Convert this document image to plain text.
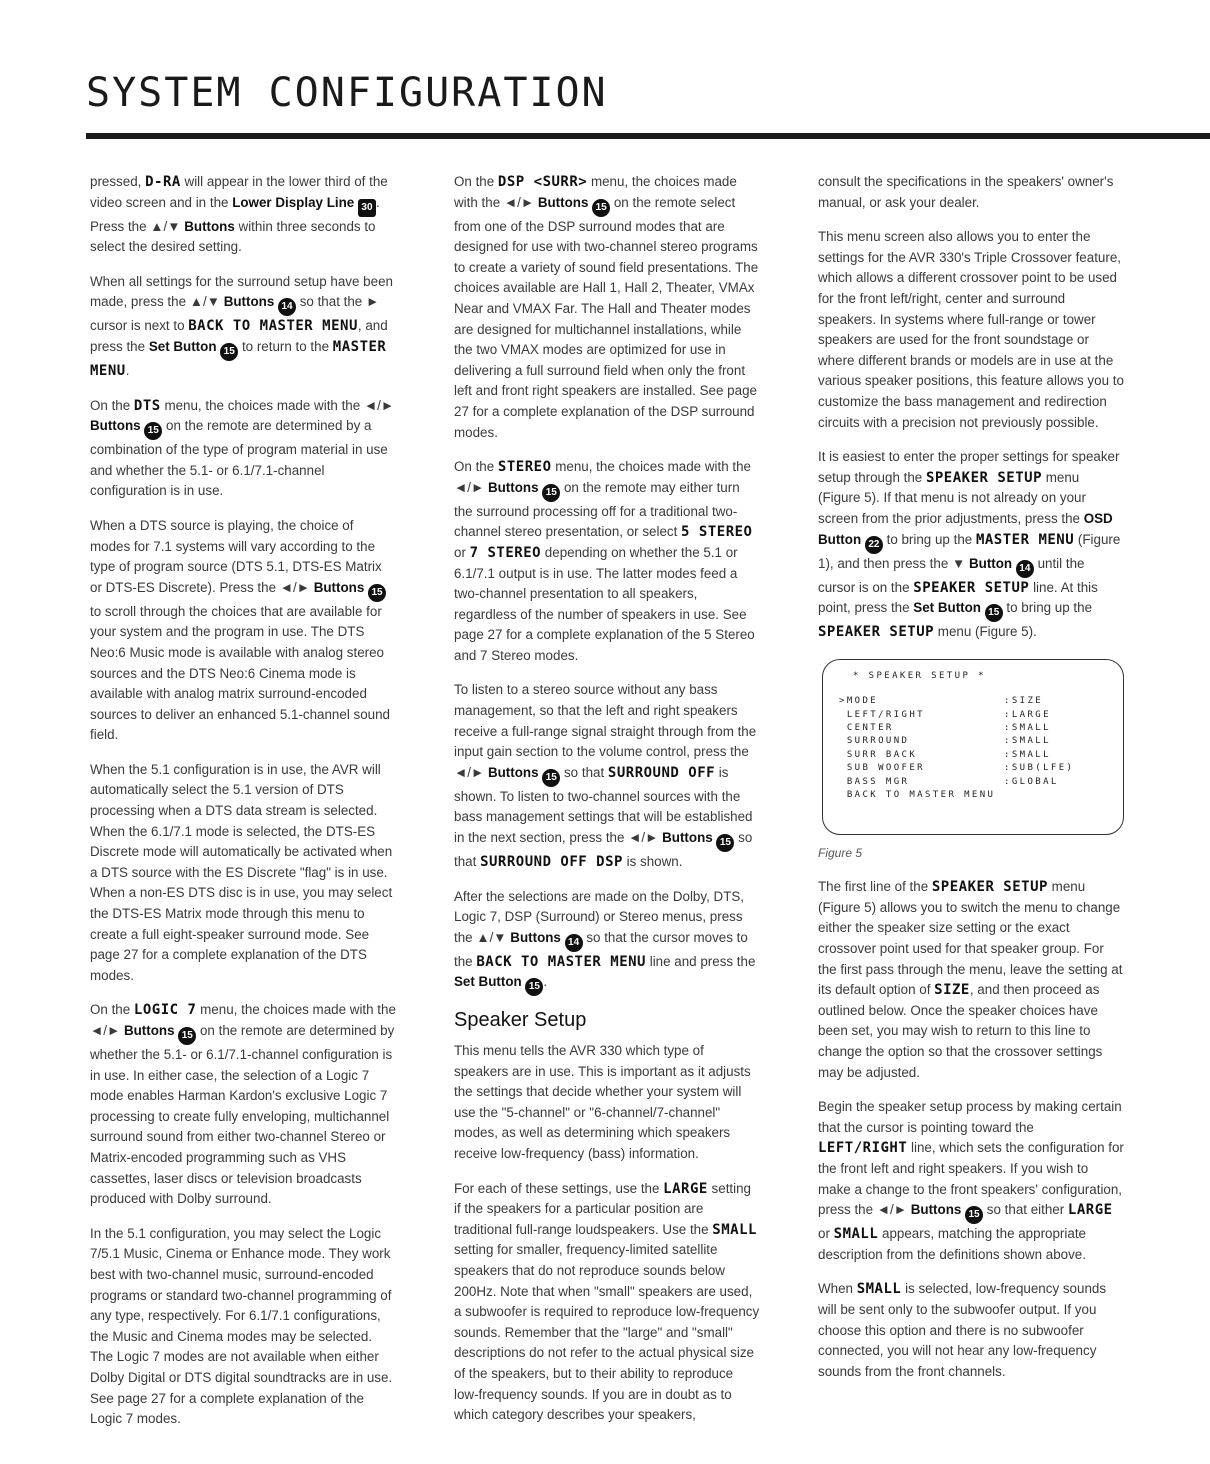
SYSTEM CONFIGURATION

pressed, D-RA will appear in the lower third of the video screen and in the Lower Display Line 30 . Press the ▲/▼ Buttons within three seconds to select the desired setting.

When all settings for the surround setup have been made, press the ▲/▼ Buttons 14 so that the ► cursor is next to BACK TO MASTER MENU, and press the Set Button 15 to return to the MASTER MENU.

On the DTS menu, the choices made with the ◄/► Buttons 15 on the remote are determined by a combination of the type of program material in use and whether the 5.1- or 6.1/7.1-channel configuration is in use.

When a DTS source is playing, the choice of modes for 7.1 systems will vary according to the type of program source (DTS 5.1, DTS-ES Matrix or DTS-ES Discrete). Press the ◄/► Buttons 15 to scroll through the choices that are available for your system and the program in use. The DTS Neo:6 Music mode is available with analog stereo sources and the DTS Neo:6 Cinema mode is available with analog matrix surround-encoded sources to deliver an enhanced 5.1-channel sound field.

When the 5.1 configuration is in use, the AVR will automatically select the 5.1 version of DTS processing when a DTS data stream is selected. When the 6.1/7.1 mode is selected, the DTS-ES Discrete mode will automatically be activated when a DTS source with the ES Discrete "flag" is in use. When a non-ES DTS disc is in use, you may select the DTS-ES Matrix mode through this menu to create a full eight-speaker surround mode. See page 27 for a complete explanation of the DTS modes.

On the LOGIC 7 menu, the choices made with the ◄/► Buttons 15 on the remote are determined by whether the 5.1- or 6.1/7.1-channel configuration is in use. In either case, the selection of a Logic 7 mode enables Harman Kardon's exclusive Logic 7 processing to create fully enveloping, multichannel surround sound from either two-channel Stereo or Matrix-encoded programming such as VHS cassettes, laser discs or television broadcasts produced with Dolby surround.

In the 5.1 configuration, you may select the Logic 7/5.1 Music, Cinema or Enhance mode. They work best with two-channel music, surround-encoded programs or standard two-channel programming of any type, respectively. For 6.1/7.1 configurations, the Music and Cinema modes may be selected. The Logic 7 modes are not available when either Dolby Digital or DTS digital soundtracks are in use. See page 27 for a complete explanation of the Logic 7 modes.

On the DSP <SURR> menu, the choices made with the ◄/► Buttons 15 on the remote select from one of the DSP surround modes that are designed for use with two-channel stereo programs to create a variety of sound field presentations. The choices available are Hall 1, Hall 2, Theater, VMAx Near and VMAX Far. The Hall and Theater modes are designed for multichannel installations, while the two VMAX modes are optimized for use in delivering a full surround field when only the front left and front right speakers are installed. See page 27 for a complete explanation of the DSP surround modes.

On the STEREO menu, the choices made with the ◄/► Buttons 15 on the remote may either turn the surround processing off for a traditional two-channel stereo presentation, or select 5 STEREO or 7 STEREO depending on whether the 5.1 or 6.1/7.1 output is in use. The latter modes feed a two-channel presentation to all speakers, regardless of the number of speakers in use. See page 27 for a complete explanation of the 5 Stereo and 7 Stereo modes.

To listen to a stereo source without any bass management, so that the left and right speakers receive a full-range signal straight through from the input gain section to the volume control, press the ◄/► Buttons 15 so that SURROUND OFF is shown. To listen to two-channel sources with the bass management settings that will be established in the next section, press the ◄/► Buttons 15 so that SURROUND OFF DSP is shown.

After the selections are made on the Dolby, DTS, Logic 7, DSP (Surround) or Stereo menus, press the ▲/▼ Buttons 14 so that the cursor moves to the BACK TO MASTER MENU line and press the Set Button 15 .

Speaker Setup

This menu tells the AVR 330 which type of speakers are in use. This is important as it adjusts the settings that decide whether your system will use the "5-channel" or "6-channel/7-channel" modes, as well as determining which speakers receive low-frequency (bass) information.

For each of these settings, use the LARGE setting if the speakers for a particular position are traditional full-range loudspeakers. Use the SMALL setting for smaller, frequency-limited satellite speakers that do not reproduce sounds below 200Hz. Note that when "small" speakers are used, a subwoofer is required to reproduce low-frequency sounds. Remember that the "large" and "small" descriptions do not refer to the actual physical size of the speakers, but to their ability to reproduce low-frequency sounds. If you are in doubt as to which category describes your speakers,

consult the specifications in the speakers' owner's manual, or ask your dealer.

This menu screen also allows you to enter the settings for the AVR 330's Triple Crossover feature, which allows a different crossover point to be used for the front left/right, center and surround speakers. In systems where full-range or tower speakers are used for the front soundstage or where different brands or models are in use at the various speaker positions, this feature allows you to customize the bass management and redirection circuits with a precision not previously possible.

It is easiest to enter the proper settings for speaker setup through the SPEAKER SETUP menu (Figure 5). If that menu is not already on your screen from the prior adjustments, press the OSD Button 22 to bring up the MASTER MENU (Figure 1), and then press the ▼ Button 14 until the cursor is on the SPEAKER SETUP line. At this point, press the Set Button 15 to bring up the SPEAKER SETUP menu (Figure 5).

* SPEAKER SETUP *
>MODE	:SIZE
LEFT/RIGHT	:LARGE
CENTER	:SMALL
SURROUND	:SMALL
SURR BACK	:SMALL
SUB WOOFER	:SUB(LFE)
BASS MGR	:GLOBAL
BACK TO MASTER MENU

Figure 5

The first line of the SPEAKER SETUP menu (Figure 5) allows you to switch the menu to change either the speaker size setting or the exact crossover point used for that speaker group. For the first pass through the menu, leave the setting at its default option of SIZE, and then proceed as outlined below. Once the speaker choices have been set, you may wish to return to this line to change the option so that the crossover settings may be adjusted.

Begin the speaker setup process by making certain that the cursor is pointing toward the LEFT/RIGHT line, which sets the configuration for the front left and right speakers. If you wish to make a change to the front speakers' configuration, press the ◄/► Buttons 15 so that either LARGE or SMALL appears, matching the appropriate description from the definitions shown above.

When SMALL is selected, low-frequency sounds will be sent only to the subwoofer output. If you choose this option and there is no subwoofer connected, you will not hear any low-frequency sounds from the front channels.
